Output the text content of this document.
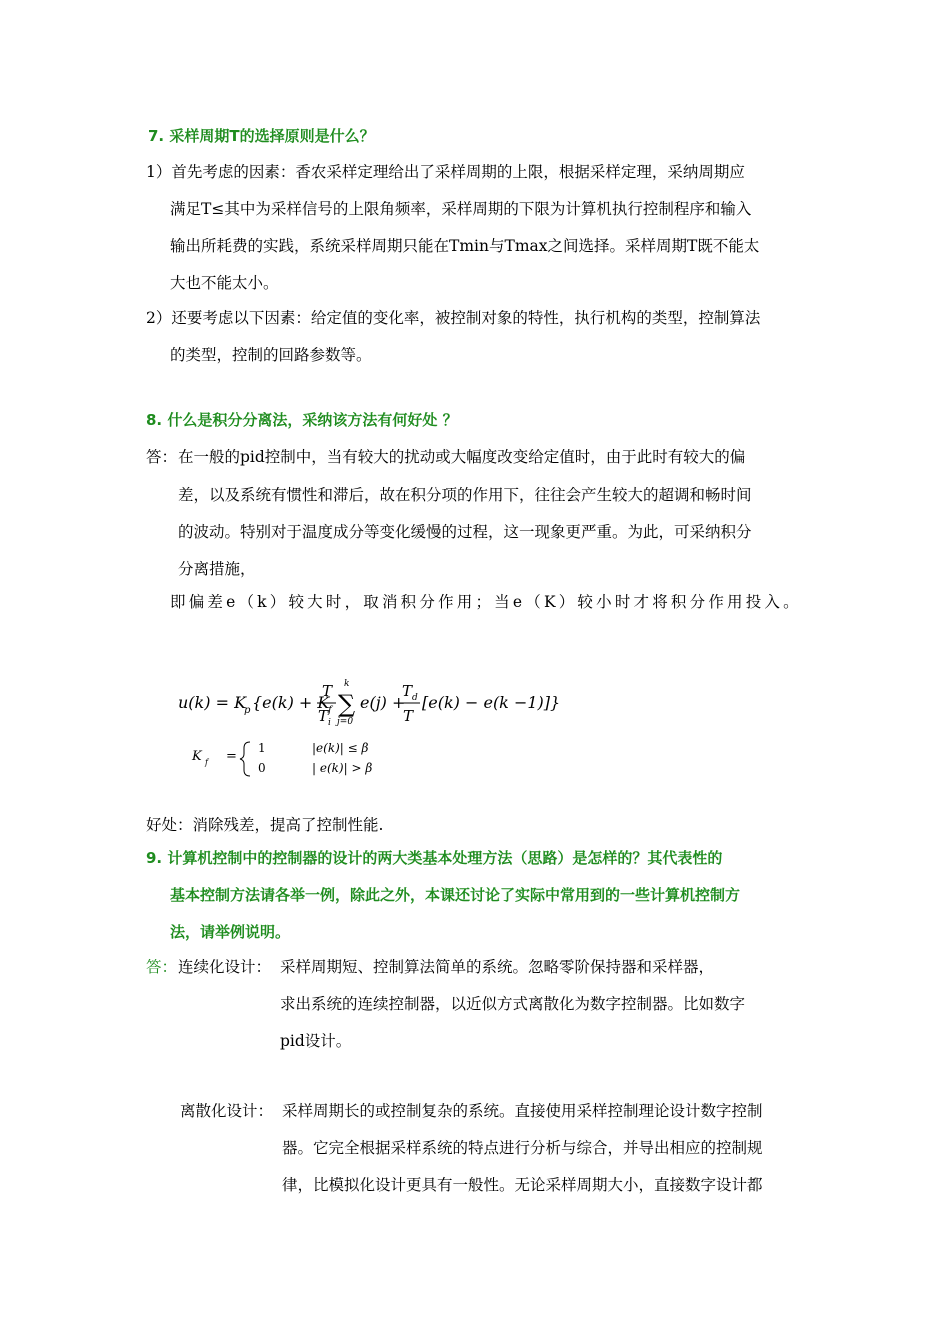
7. 采样周期T的选择原则是什么？
1）首先考虑的因素：香农采样定理给出了采样周期的上限，根据采样定理，采纳周期应
满足T≤其中为采样信号的上限角频率，采样周期的下限为计算机执行控制程序和输入
输出所耗费的实践，系统采样周期只能在Tmin与Tmax之间选择。采样周期T既不能太
大也不能太小。
2）还要考虑以下因素：给定值的变化率，被控制对象的特性，执行机构的类型，控制算法
的类型，控制的回路参数等。
8. 什么是积分分离法，采纳该方法有何好处 ？
答： 在一般的pid控制中，当有较大的扰动或大幅度改变给定值时，由于此时有较大的偏
差，以及系统有惯性和滞后，故在积分项的作用下，往往会产生较大的超调和畅时间
的波动。特别对于温度成分等变化缓慢的过程，这一现象更严重。为此，可采纳积分
分离措施，
即偏差e（k）较大时，取消积分作用；当e（K）较小时才将积分作用投入。
u(k) = K
p {e(k) + K
f
T
T i
k
∑
j=0
e(j) +
T d
T
[e(k) − e(k −1)]}
K f =
1	|e(k)| ≤ β
0	| e(k)| > β
好处：消除残差，提高了控制性能.
9. 计算机控制中的控制器的设计的两大类基本处理方法（思路）是怎样的？其代表性的
基本控制方法请各举一例，除此之外，本课还讨论了实际中常用到的一些计算机控制方
法，请举例说明。
答： 连续化设计： 采样周期短、控制算法简单的系统。忽略零阶保持器和采样器，
求出系统的连续控制器，以近似方式离散化为数字控制器。比如数字
pid设计。
离散化设计： 采样周期长的或控制复杂的系统。直接使用采样控制理论设计数字控制
器。它完全根据采样系统的特点进行分析与综合，并导出相应的控制规
律，比模拟化设计更具有一般性。无论采样周期大小，直接数字设计都
